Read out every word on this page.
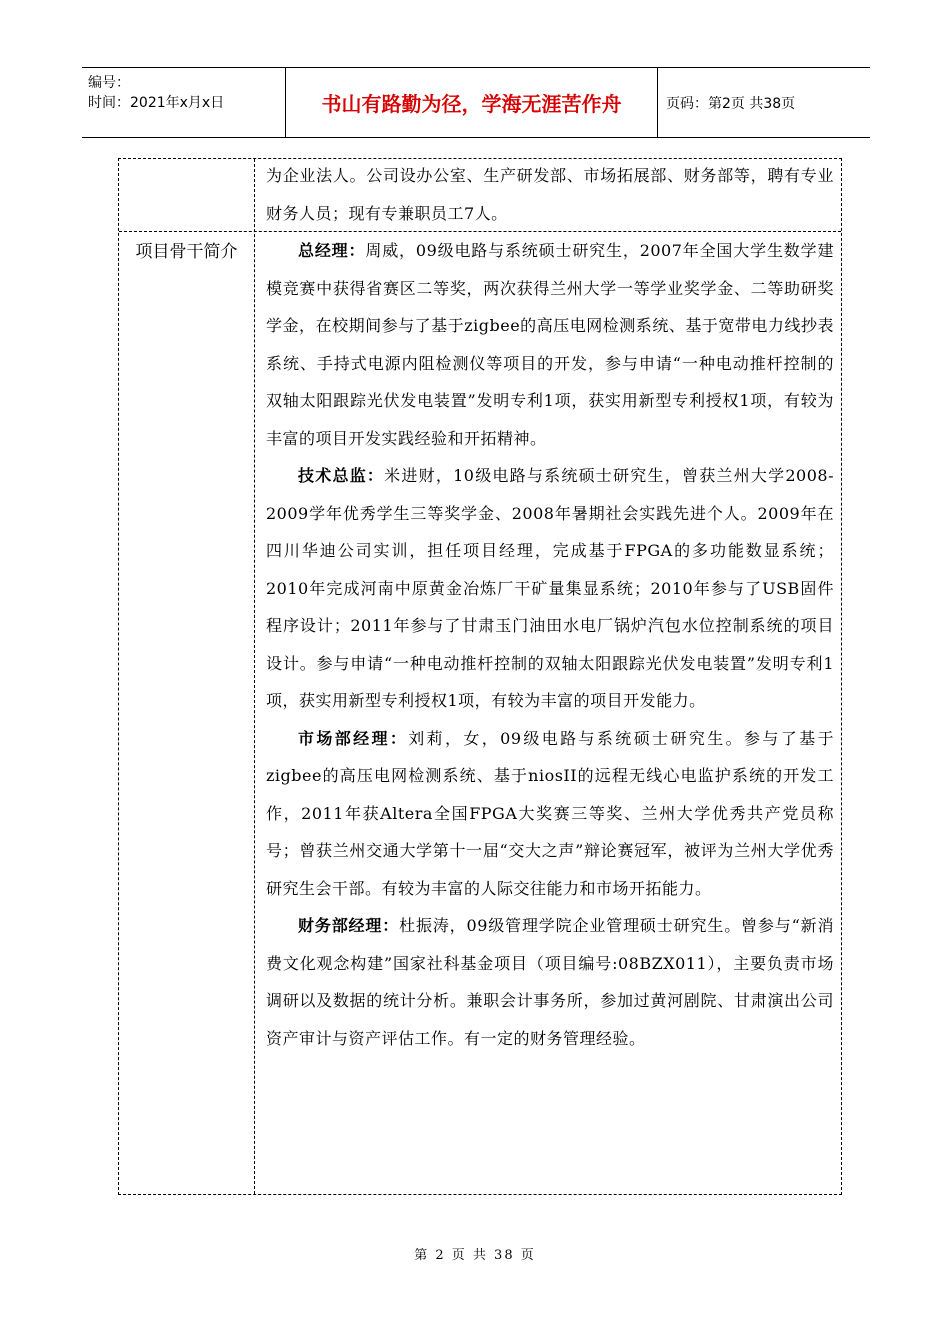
编号：
时间：2021年x月x日	书山有路勤为径，学海无涯苦作舟	页码：第2页 共38页

为企业法人。公司设办公室、生产研发部、市场拓展部、财务部等，聘有专业财务人员；现有专兼职员工7人。

项目骨干简介	总经理：周威，09级电路与系统硕士研究生，2007年全国大学生数学建模竞赛中获得省赛区二等奖，两次获得兰州大学一等学业奖学金、二等助研奖学金，在校期间参与了基于zigbee的高压电网检测系统、基于宽带电力线抄表系统、手持式电源内阻检测仪等项目的开发，参与申请“一种电动推杆控制的双轴太阳跟踪光伏发电装置”发明专利1项，获实用新型专利授权1项，有较为丰富的项目开发实践经验和开拓精神。

技术总监：米进财，10级电路与系统硕士研究生，曾获兰州大学2008-2009学年优秀学生三等奖学金、2008年暑期社会实践先进个人。2009年在四川华迪公司实训，担任项目经理，完成基于FPGA的多功能数显系统；2010年完成河南中原黄金冶炼厂干矿量集显系统；2010年参与了USB固件程序设计；2011年参与了甘肃玉门油田水电厂锅炉汽包水位控制系统的项目设计。参与申请“一种电动推杆控制的双轴太阳跟踪光伏发电装置”发明专利1项，获实用新型专利授权1项，有较为丰富的项目开发能力。

市场部经理：刘莉，女，09级电路与系统硕士研究生。参与了基于zigbee的高压电网检测系统、基于niosII的远程无线心电监护系统的开发工作，2011年获Altera全国FPGA大奖赛三等奖、兰州大学优秀共产党员称号；曾获兰州交通大学第十一届“交大之声”辩论赛冠军，被评为兰州大学优秀研究生会干部。有较为丰富的人际交往能力和市场开拓能力。

财务部经理：杜振涛，09级管理学院企业管理硕士研究生。曾参与“新消费文化观念构建”国家社科基金项目（项目编号:08BZX011），主要负责市场调研以及数据的统计分析。兼职会计事务所，参加过黄河剧院、甘肃演出公司资产审计与资产评估工作。有一定的财务管理经验。

第 2 页 共 38 页
